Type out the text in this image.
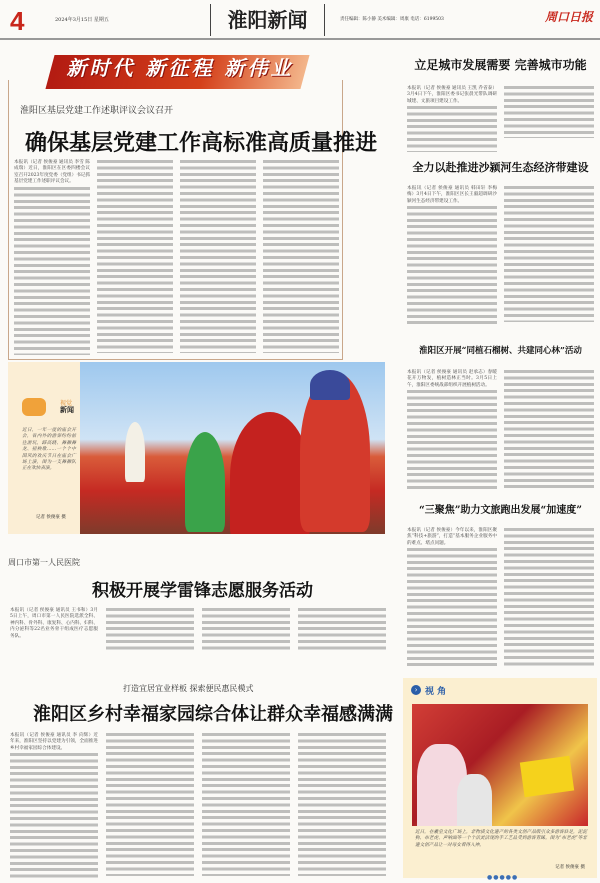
4	2024年3月15日 星期五	淮阳新闻	责任编辑：陈小静 美术编辑：周康 电话：6199503	周口日报
新时代 新征程 新伟业
淮阳区基层党建工作述职评议会议召开
确保基层党建工作高标准高质量推进
本报讯（记者 侯俊豪 通讯员 李雪 陈成瑞）近日，淮阳区在区委四楼会议室召开2023年度党委（党组）书记抓基层党建工作述职评议会议。
视觉
新闻
近日，一年一度的庙会开会，省内外的游客纷纷前往游玩，踩高跷、舞狮舞龙、扭秧歌……一个个中国风的欢庆节日在庙会广场上演，图为一支舞狮队正在欢快表演。
记者 侯俊豪 摄
周口市第一人民医院
积极开展学雷锋志愿服务活动
本报讯（记者 侯俊豪 通讯员 王书和）3月5日上午，周口市第一人民医院选派全科、神内科、骨外科、康复科、心内科、妇科、内分泌科等22名业务骨干组成医疗志愿服务队。
打造宜居宜业样板 探索便民惠民模式
淮阳区乡村幸福家园综合体让群众幸福感满满
本报讯（记者 侯俊豪 通讯员 李 向辉）近年来，淮阳区坚持以党建为引领，全面推进乡村幸福家园综合体建设。
立足城市发展需要 完善城市功能
本报讯（记者 侯俊豪 通讯员 王凯 乔省泰）3月4日下午，淮阳区委书记张晨光带队调研城建、文旅项目建设工作。
全力以赴推进沙颍河生态经济带建设
本报讯（记者 侯俊豪 通讯员 韩田轩 李梅梅）3月4日下午，淮阳区区长王毅超调研沙颍河生态经济带建设工作。
淮阳区开展“同植石榴树、共建同心林”活动
本报讯（记者 侯俊豪 通讯员 赵承志）春暖花开万物发，植树造林正当时。3月5日上午，淮阳区委统战部组织开展植树活动。
“三聚焦”助力文旅跑出发展“加速度”
本报讯（记者 侯俊豪）今年以来，淮阳区聚焦“科技+旅游”，打造“基本服务企业服务中的难点、堵点问题。
› 视 角
近日，在羲皇文化广场上，非物质文化遗产的各类文创产品吸引众多游客驻足，泥泥狗、布老虎、声响面等一个个活灵活现的手工艺品受到游客青睐。图为“布老虎”等非遗文创产品让一对母女看得入神。
记者 侯俊豪 摄
●●●●●
